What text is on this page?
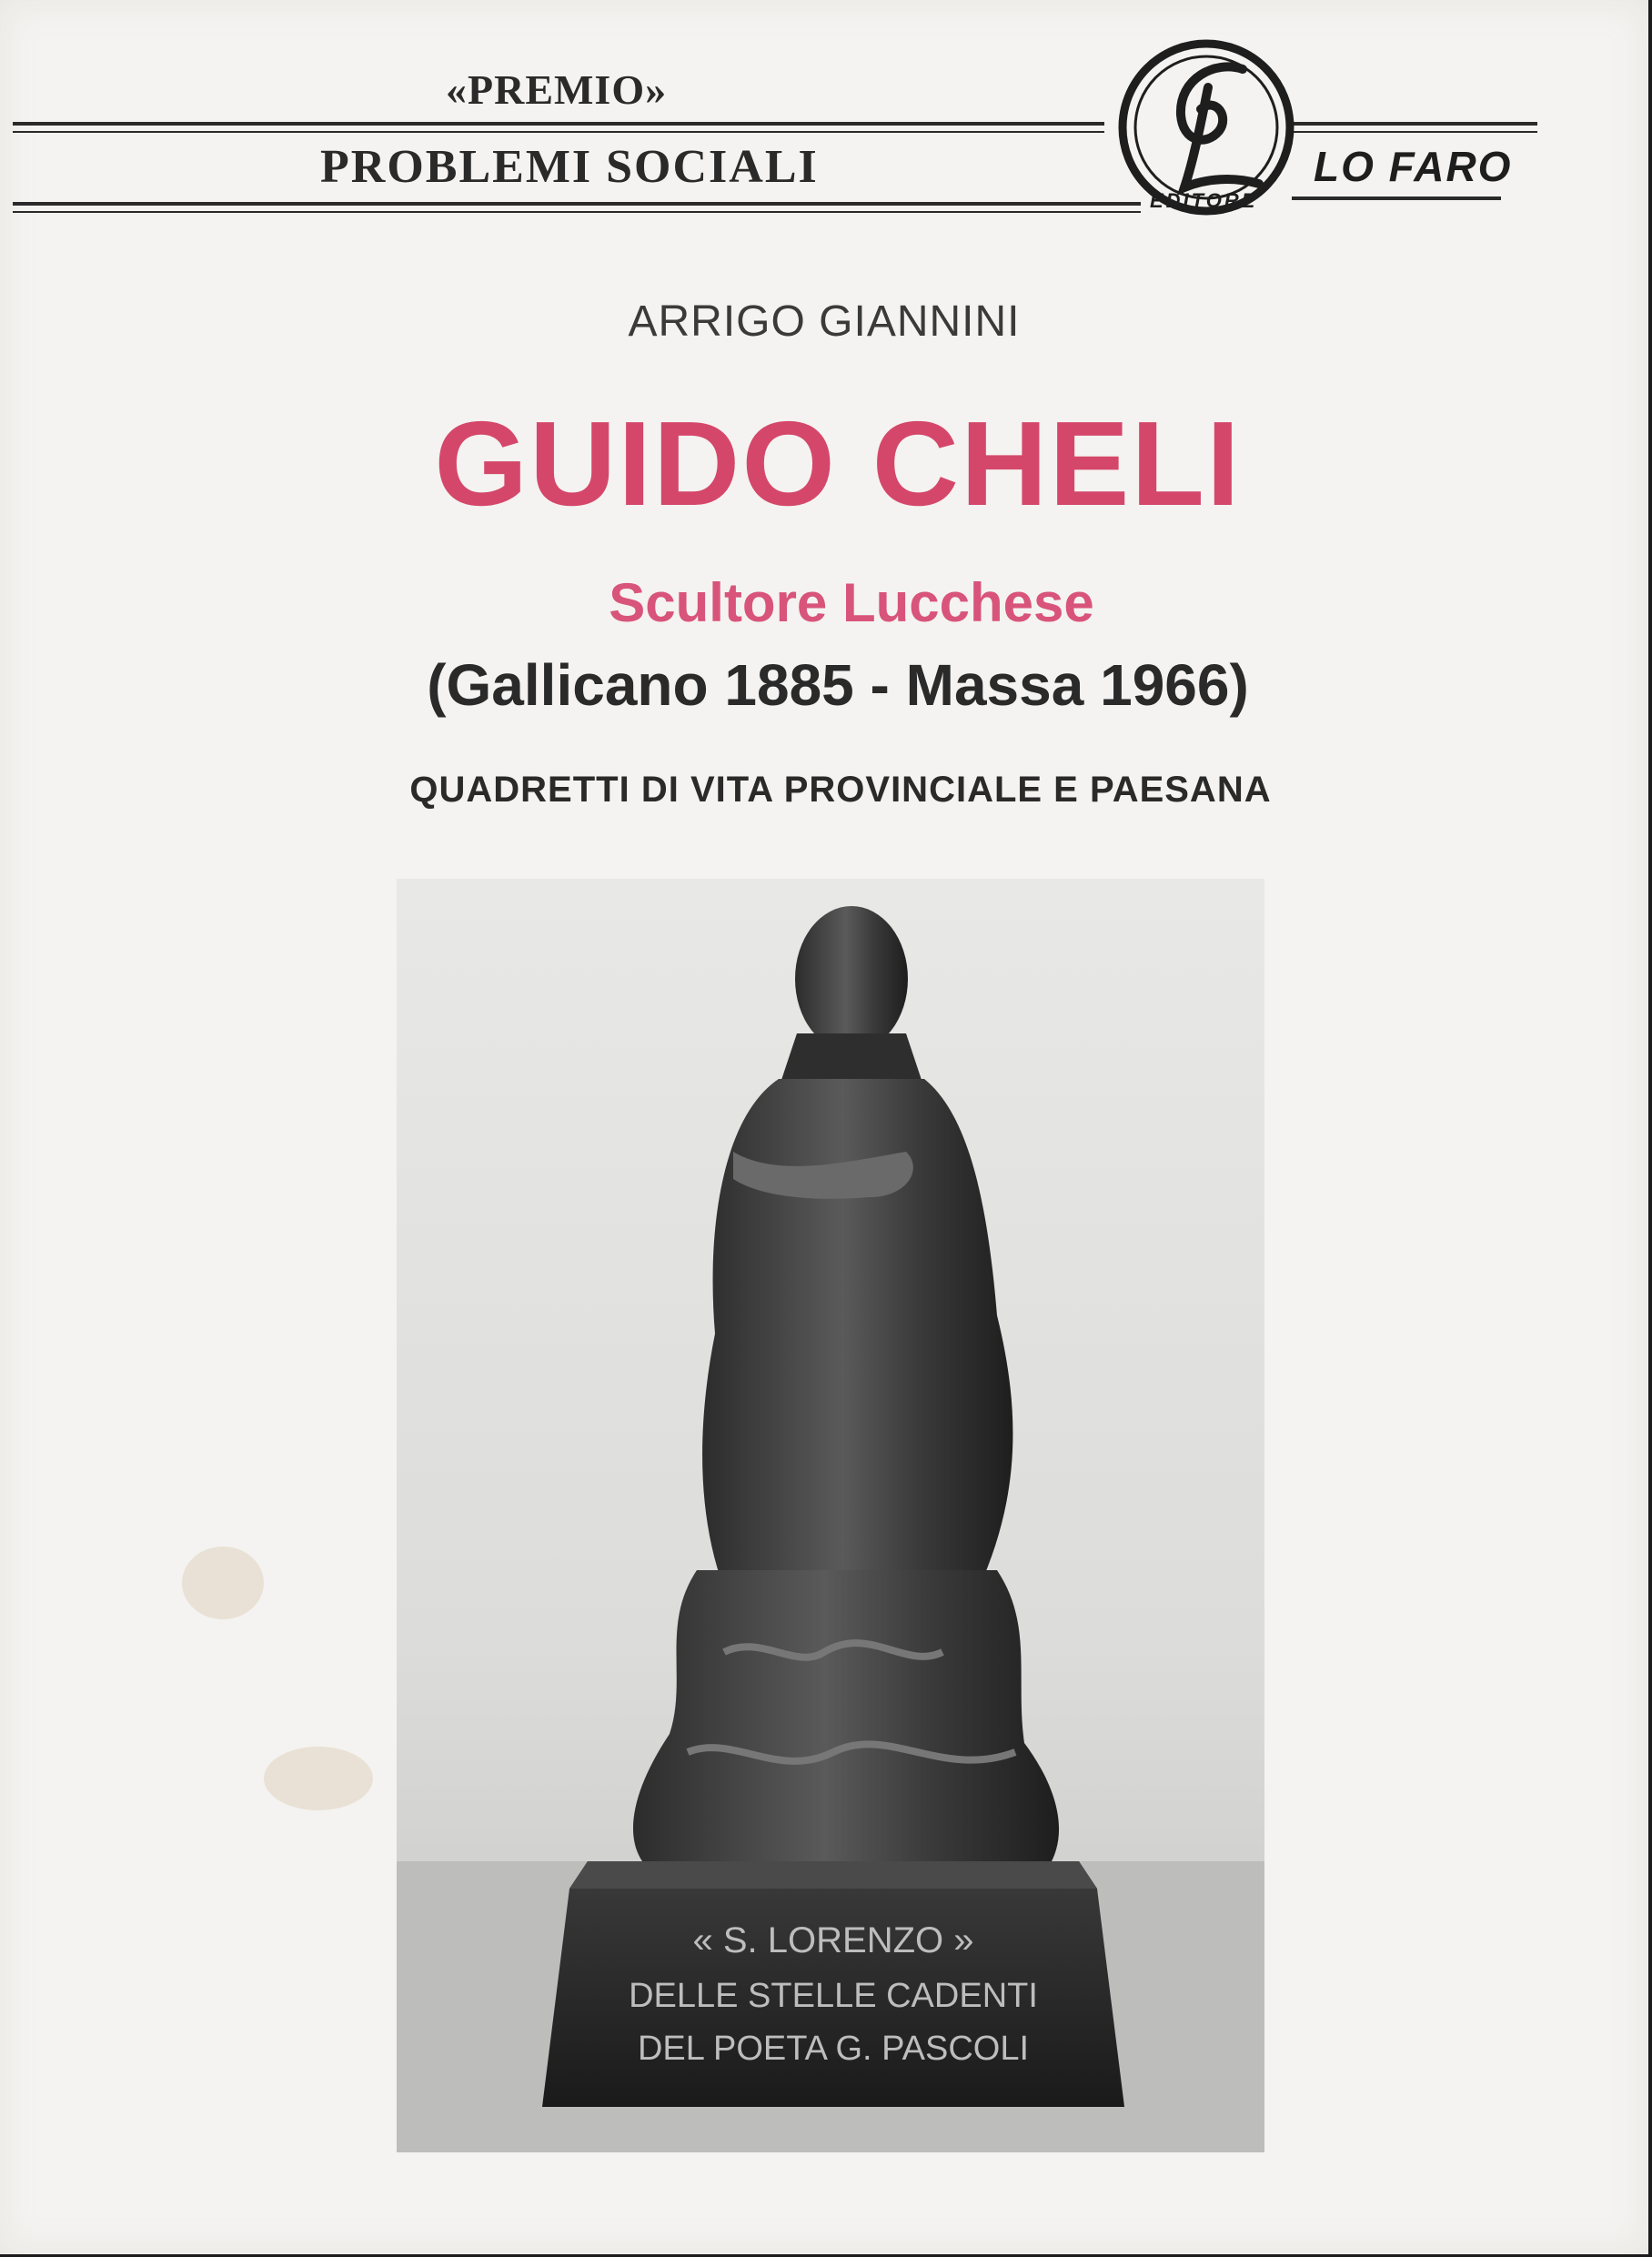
«PREMIO»
PROBLEMI SOCIALI	LO FARO
EDITORE
ARRIGO GIANNINI
GUIDO CHELI
Scultore Lucchese
(Gallicano 1885 - Massa 1966)
QUADRETTI DI VITA PROVINCIALE E PAESANA
« S. LORENZO »
DELLE STELLE CADENTI
DEL POETA G. PASCOLI
